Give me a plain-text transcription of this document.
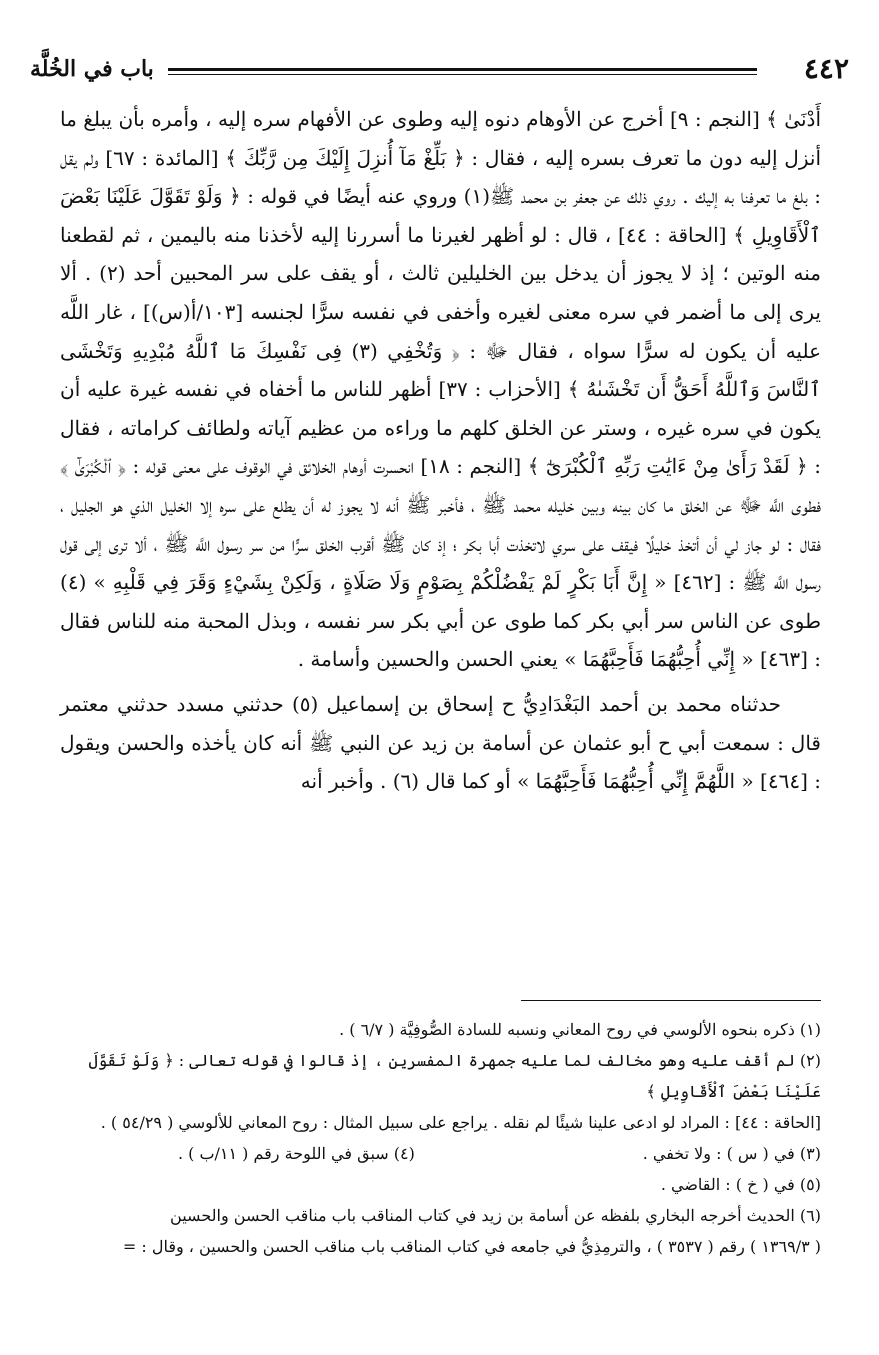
باب في الخُلَّة	٤٤٢

أَدْنَىٰ ﴾ [النجم : ٩] أخرج عن الأوهام دنوه إليه وطوى عن الأفهام سره إليه ، وأمره بأن يبلغ ما أنزل إليه دون ما تعرف بسره إليه ، فقال : ﴿ بَلِّغْ مَآ أُنزِلَ إِلَيْكَ مِن رَّبِّكَ ﴾ [المائدة : ٦٧] ولم يقل : بلغ ما تعرفنا به إليك . روي ذلك عن جعفر بن محمد ﷺ(١) وروي عنه أيضًا في قوله : ﴿ وَلَوْ تَقَوَّلَ عَلَيْنَا بَعْضَ ٱلْأَقَاوِيلِ ﴾ [الحاقة : ٤٤] ، قال : لو أظهر لغيرنا ما أسررنا إليه لأخذنا منه باليمين ، ثم لقطعنا منه الوتين ؛ إذ لا يجوز أن يدخل بين الخليلين ثالث ، أو يقف على سر المحبين أحد (٢) . ألا يرى إلى ما أضمر في سره معنى لغيره وأخفى في نفسه سرًّا لجنسه [١٠٣/أ(س)] ، غار اللَّه عليه أن يكون له سرًّا سواه ، فقال ﷻ : ﴿ وَتُخْفِي (٣) فِى نَفْسِكَ مَا ٱللَّهُ مُبْدِيهِ وَتَخْشَى ٱلنَّاسَ وَٱللَّهُ أَحَقُّ أَن تَخْشَىٰهُ ﴾ [الأحزاب : ٣٧] أظهر للناس ما أخفاه في نفسه غيرة عليه أن يكون في سره غيره ، وستر عن الخلق كلهم ما وراءه من عظيم آياته ولطائف كراماته ، فقال : ﴿ لَقَدْ رَأَىٰ مِنْ ءَايَٰتِ رَبِّهِ ٱلْكُبْرَىٰٓ ﴾ [النجم : ١٨] انحسرت أوهام الخلائق في الوقوف على معنى قوله : ﴿ ٱلْكُبْرَىٰٓ ﴾ فطوى اللَّه ﷻ عن الخلق ما كان بينه وبين خليله محمد ﷺ ، فأخبر ﷺ أنه لا يجوز له أن يطلع على سره إلا الخليل الذي هو الجليل ، فقال : لو جاز لي أن أتخذ خليلًا فيقف على سري لاتخذت أبا بكر ؛ إذ كان ﷺ أقرب الخلق سرًّا من سر رسول اللَّه ﷺ ، ألا ترى إلى قول رسول اللَّه ﷺ : [٤٦٢] « إِنَّ أَبَا بَكْرٍ لَمْ يَفْضُلْكُمْ بِصَوْمٍ وَلَا صَلَاةٍ ، وَلَكِنْ بِشَيْءٍ وَقَرَ فِي قَلْبِهِ » (٤) طوى عن الناس سر أبي بكر كما طوى عن أبي بكر سر نفسه ، وبذل المحبة منه للناس فقال : [٤٦٣] « إِنِّي أُحِبُّهُمَا فَأَحِبَّهُمَا » يعني الحسن والحسين وأسامة .

حدثناه محمد بن أحمد البَغْدَادِيُّ ح إسحاق بن إسماعيل (٥) حدثني مسدد حدثني معتمر قال : سمعت أبي ح أبو عثمان عن أسامة بن زيد عن النبي ﷺ أنه كان يأخذه والحسن ويقول : [٤٦٤] « اللَّهُمَّ إِنِّي أُحِبُّهُمَا فَأَحِبَّهُمَا » أو كما قال (٦) . وأخبر أنه

(١) ذكره بنحوه الألوسي في روح المعاني ونسبه للسادة الصُّوفِيَّة ( ٦/٧ ) .

(٢) لم أقف عليه وهو مخالف لما عليه جمهرة المفسرين ، إذ قالوا في قوله تعالى : ﴿ وَلَوْ تَقَوَّلَ عَلَيْنَا بَعْضَ ٱلْأَقَاوِيلِ ﴾

[الحاقة : ٤٤] : المراد لو ادعى علينا شيئًا لم نقله . يراجع على سبيل المثال : روح المعاني للألوسي ( ٥٤/٢٩ ) .

(٣) في ( س ) : ولا تخفي .

(٤) سبق في اللوحة رقم ( ١١/ب ) .

(٥) في ( خ ) : القاضي .

(٦) الحديث أخرجه البخاري بلفظه عن أسامة بن زيد في كتاب المناقب باب مناقب الحسن والحسين

( ١٣٦٩/٣ ) رقم ( ٣٥٣٧ ) ، والترمِذِيُّ في جامعه في كتاب المناقب باب مناقب الحسن والحسين ، وقال : =
